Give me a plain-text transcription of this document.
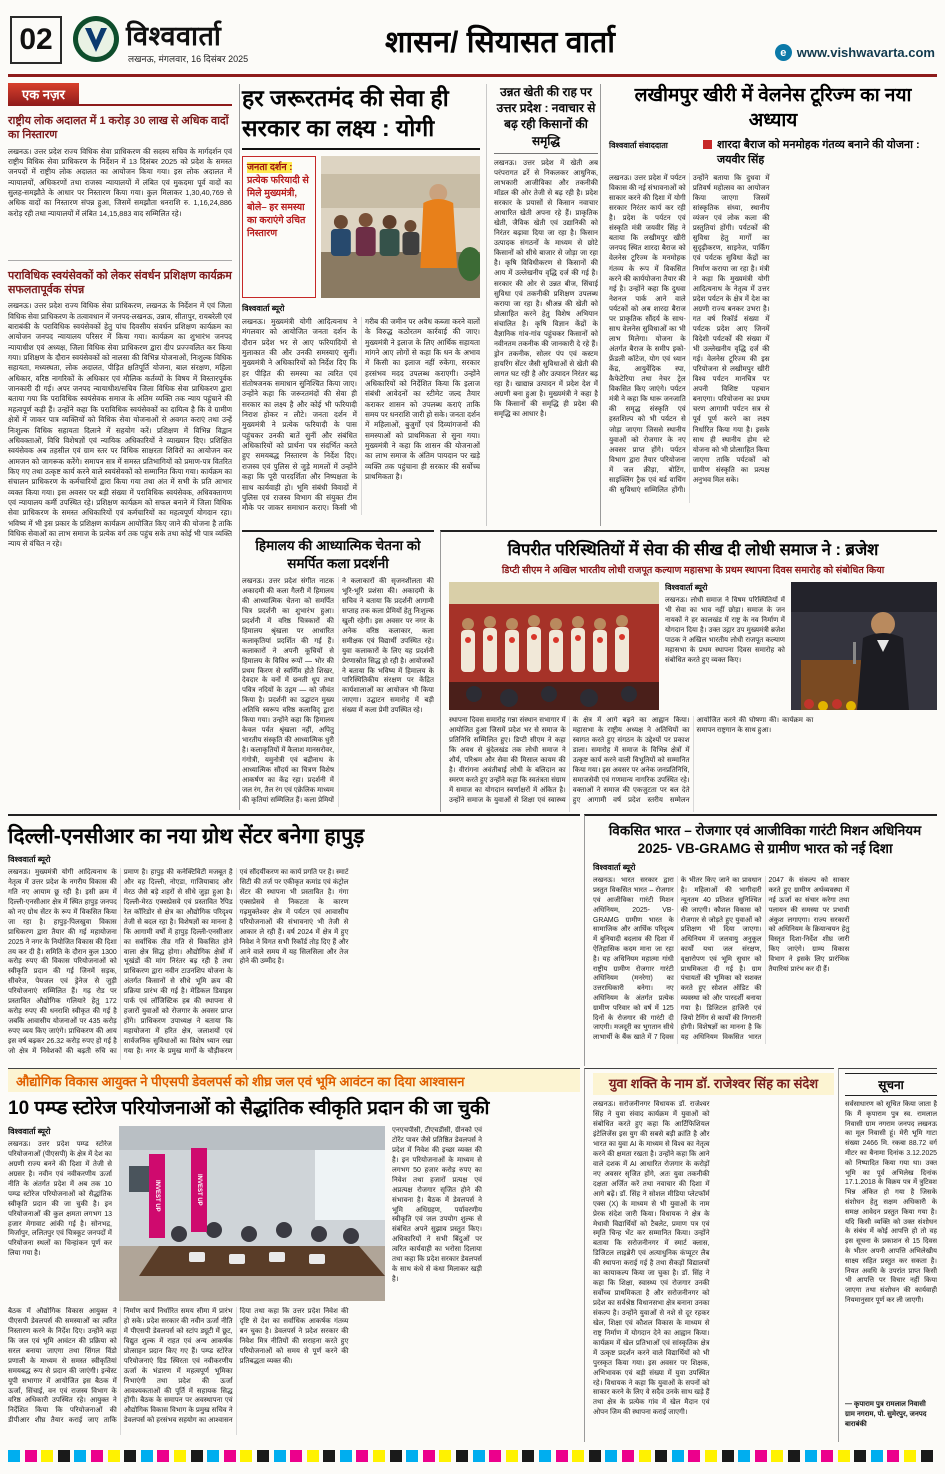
02	विश्ववार्ता
लखनऊ, मंगलवार, 16 दिसंबर 2025	शासन/ सियासत वार्ता	e www.vishwavarta.com
एक नज़र
राष्ट्रीय लोक अदालत में 1 करोड़ 30 लाख से अधिक वादों का निस्तारण
लखनऊ। उत्तर प्रदेश राज्य विधिक सेवा प्राधिकरण की सदस्य सचिव के मार्गदर्शन एवं राष्ट्रीय विधिक सेवा प्राधिकरण के निर्देशन में 13 दिसंबर 2025 को प्रदेश के समस्त जनपदों में राष्ट्रीय लोक अदालत का आयोजन किया गया। इस लोक अदालत में न्यायालयों, अधिकरणों तथा राजस्व न्यायालयों में लंबित एवं मुकदमा पूर्व वादों का सुलह-समझौते के आधार पर निस्तारण किया गया। कुल मिलाकर 1,30,40,769 से अधिक वादों का निस्तारण संपन्न हुआ, जिसमें समझौता धनराशि रु. 1,16,24,886 करोड़ रही तथा न्यायालयों में लंबित 14,15,883 वाद सम्मिलित रहे।
पराविधिक स्वयंसेवकों को लेकर संवर्धन प्रशिक्षण कार्यक्रम सफलतापूर्वक संपन्न
लखनऊ। उत्तर प्रदेश राज्य विधिक सेवा प्राधिकरण, लखनऊ के निर्देशन में एवं जिला विधिक सेवा प्राधिकरण के तत्वावधान में जनपद-लखनऊ, उन्नाव, सीतापुर, रायबरेली एवं बाराबंकी के पराविधिक स्वयंसेवकों हेतु पांच दिवसीय संवर्धन प्रशिक्षण कार्यक्रम का आयोजन जनपद न्यायालय परिसर में किया गया। कार्यक्रम का शुभारंभ जनपद न्यायाधीश एवं अध्यक्ष, जिला विधिक सेवा प्राधिकरण द्वारा दीप प्रज्ज्वलित कर किया गया। प्रशिक्षण के दौरान स्वयंसेवकों को नालसा की विभिन्न योजनाओं, निःशुल्क विधिक सहायता, मध्यस्थता, लोक अदालत, पीड़ित क्षतिपूर्ति योजना, बाल संरक्षण, महिला अधिकार, वरिष्ठ नागरिकों के अधिकार एवं मौलिक कर्तव्यों के विषय में विस्तारपूर्वक जानकारी दी गई। अपर जनपद न्यायाधीश/सचिव जिला विधिक सेवा प्राधिकरण द्वारा बताया गया कि पराविधिक स्वयंसेवक समाज के अंतिम व्यक्ति तक न्याय पहुंचाने की महत्वपूर्ण कड़ी हैं। उन्होंने कहा कि पराविधिक स्वयंसेवकों का दायित्व है कि वे ग्रामीण क्षेत्रों में जाकर पात्र व्यक्तियों को विधिक सेवा योजनाओं से अवगत कराएं तथा उन्हें निःशुल्क विधिक सहायता दिलाने में सहयोग करें। प्रशिक्षण में विभिन्न विद्वान अधिवक्ताओं, विधि विशेषज्ञों एवं न्यायिक अधिकारियों ने व्याख्यान दिए। प्रशिक्षित स्वयंसेवक अब तहसील एवं ग्राम स्तर पर विधिक साक्षरता शिविरों का आयोजन कर आमजन को जागरूक करेंगे। समापन सत्र में समस्त प्रतिभागियों को प्रमाण-पत्र वितरित किए गए तथा उत्कृष्ट कार्य करने वाले स्वयंसेवकों को सम्मानित किया गया। कार्यक्रम का संचालन प्राधिकरण के कर्मचारियों द्वारा किया गया तथा अंत में सभी के प्रति आभार व्यक्त किया गया। इस अवसर पर बड़ी संख्या में पराविधिक स्वयंसेवक, अधिवक्तागण एवं न्यायालय कर्मी उपस्थित रहे। प्रशिक्षण कार्यक्रम को सफल बनाने में जिला विधिक सेवा प्राधिकरण के समस्त अधिकारियों एवं कर्मचारियों का महत्वपूर्ण योगदान रहा। भविष्य में भी इस प्रकार के प्रशिक्षण कार्यक्रम आयोजित किए जाने की योजना है ताकि विधिक सेवाओं का लाभ समाज के प्रत्येक वर्ग तक पहुंच सके तथा कोई भी पात्र व्यक्ति न्याय से वंचित न रहे।
हर जरूरतमंद की सेवा ही सरकार का लक्ष्य : योगी
जनता दर्शन : प्रत्येक फरियादी से मिले मुख्यमंत्री, बोले– हर समस्या का कराएंगे उचित निस्तारण
विश्ववार्ता ब्यूरो
लखनऊ। मुख्यमंत्री योगी आदित्यनाथ ने मंगलवार को आयोजित जनता दर्शन के दौरान प्रदेश भर से आए फरियादियों से मुलाकात की और उनकी समस्याएं सुनीं। मुख्यमंत्री ने अधिकारियों को निर्देश दिए कि हर पीड़ित की समस्या का त्वरित एवं संतोषजनक समाधान सुनिश्चित किया जाए। उन्होंने कहा कि जरूरतमंदों की सेवा ही सरकार का लक्ष्य है और कोई भी फरियादी निराश होकर न लौटे। जनता दर्शन में मुख्यमंत्री ने प्रत्येक फरियादी के पास पहुंचकर उनकी बातें सुनीं और संबंधित अधिकारियों को प्रार्थना पत्र संदर्भित करते हुए समयबद्ध निस्तारण के निर्देश दिए। राजस्व एवं पुलिस से जुड़े मामलों में उन्होंने कहा कि पूरी पारदर्शिता और निष्पक्षता के साथ कार्यवाही हो। भूमि संबंधी विवादों में पुलिस एवं राजस्व विभाग की संयुक्त टीम मौके पर जाकर समाधान कराए। किसी भी गरीब की जमीन पर अवैध कब्जा करने वालों के विरुद्ध कठोरतम कार्रवाई की जाए। मुख्यमंत्री ने इलाज के लिए आर्थिक सहायता मांगने आए लोगों से कहा कि धन के अभाव में किसी का इलाज नहीं रुकेगा, सरकार हरसंभव मदद उपलब्ध कराएगी। उन्होंने अधिकारियों को निर्देशित किया कि इलाज संबंधी आवेदनों का स्टीमेट जल्द तैयार कराकर शासन को उपलब्ध कराएं ताकि समय पर धनराशि जारी हो सके। जनता दर्शन में महिलाओं, बुजुर्गों एवं दिव्यांगजनों की समस्याओं को प्राथमिकता से सुना गया। मुख्यमंत्री ने कहा कि शासन की योजनाओं का लाभ समाज के अंतिम पायदान पर खड़े व्यक्ति तक पहुंचाना ही सरकार की सर्वोच्च प्राथमिकता है।
उन्नत खेती की राह पर उत्तर प्रदेश : नवाचार से बढ़ रही किसानों की समृद्धि
लखनऊ। उत्तर प्रदेश में खेती अब परंपरागत ढर्रे से निकलकर आधुनिक, लाभकारी आजीविका और तकनीकी मॉडल की ओर तेजी से बढ़ रही है। प्रदेश सरकार के प्रयासों से किसान नवाचार आधारित खेती अपना रहे हैं। प्राकृतिक खेती, जैविक खेती एवं उद्यानिकी को निरंतर बढ़ावा दिया जा रहा है। किसान उत्पादक संगठनों के माध्यम से छोटे किसानों को सीधे बाजार से जोड़ा जा रहा है। कृषि विविधीकरण से किसानों की आय में उल्लेखनीय वृद्धि दर्ज की गई है। सरकार की ओर से उन्नत बीज, सिंचाई सुविधा एवं तकनीकी प्रशिक्षण उपलब्ध कराया जा रहा है। श्रीअन्न की खेती को प्रोत्साहित करने हेतु विशेष अभियान संचालित है। कृषि विज्ञान केंद्रों के वैज्ञानिक गांव-गांव पहुंचकर किसानों को नवीनतम तकनीक की जानकारी दे रहे हैं। ड्रोन तकनीक, सोलर पंप एवं कस्टम हायरिंग सेंटर जैसी सुविधाओं से खेती की लागत घट रही है और उत्पादन निरंतर बढ़ रहा है। खाद्यान्न उत्पादन में प्रदेश देश में अग्रणी बना हुआ है। मुख्यमंत्री ने कहा है कि किसानों की समृद्धि ही प्रदेश की समृद्धि का आधार है।
लखीमपुर खीरी में वेलनेस टूरिज्म का नया अध्याय
विश्ववार्ता संवाददाता	शारदा बैराज को मनमोहक गंतव्य बनाने की योजना : जयवीर सिंह
लखनऊ। उत्तर प्रदेश में पर्यटन विकास की नई संभावनाओं को साकार करने की दिशा में योगी सरकार निरंतर कार्य कर रही है। प्रदेश के पर्यटन एवं संस्कृति मंत्री जयवीर सिंह ने बताया कि लखीमपुर खीरी जनपद स्थित शारदा बैराज को वेलनेस टूरिज्म के मनमोहक गंतव्य के रूप में विकसित करने की कार्ययोजना तैयार की गई है। उन्होंने कहा कि दुधवा नेशनल पार्क आने वाले पर्यटकों को अब शारदा बैराज पर प्राकृतिक सौंदर्य के साथ-साथ वेलनेस सुविधाओं का भी लाभ मिलेगा। योजना के अंतर्गत बैराज के समीप इको-फ्रेंडली कॉटेज, योग एवं ध्यान केंद्र, आयुर्वेदिक स्पा, कैफेटेरिया तथा नेचर ट्रेल विकसित किए जाएंगे। पर्यटन मंत्री ने कहा कि थारू जनजाति की समृद्ध संस्कृति एवं हस्तशिल्प को भी पर्यटन से जोड़ा जाएगा जिससे स्थानीय युवाओं को रोजगार के नए अवसर प्राप्त होंगे। पर्यटन विभाग द्वारा तैयार परियोजना में जल क्रीड़ा, बोटिंग, साइक्लिंग ट्रैक एवं बर्ड वाचिंग की सुविधाएं सम्मिलित होंगी। उन्होंने बताया कि दुधवा में प्रतिवर्ष महोत्सव का आयोजन किया जाएगा जिसमें सांस्कृतिक संध्या, स्थानीय व्यंजन एवं लोक कला की प्रस्तुतियां होंगी। पर्यटकों की सुविधा हेतु मार्गों का सुदृढ़ीकरण, साइनेज, पार्किंग एवं पर्यटक सुविधा केंद्रों का निर्माण कराया जा रहा है। मंत्री ने कहा कि मुख्यमंत्री योगी आदित्यनाथ के नेतृत्व में उत्तर प्रदेश पर्यटन के क्षेत्र में देश का अग्रणी राज्य बनकर उभरा है। गत वर्ष रिकॉर्ड संख्या में पर्यटक प्रदेश आए जिनमें विदेशी पर्यटकों की संख्या में भी उल्लेखनीय वृद्धि दर्ज की गई। वेलनेस टूरिज्म की इस परियोजना से लखीमपुर खीरी विश्व पर्यटन मानचित्र पर अपनी विशिष्ट पहचान बनाएगा। परियोजना का प्रथम चरण आगामी पर्यटन सत्र से पूर्व पूर्ण करने का लक्ष्य निर्धारित किया गया है। इसके साथ ही स्थानीय होम स्टे योजना को भी प्रोत्साहित किया जाएगा ताकि पर्यटकों को ग्रामीण संस्कृति का प्रत्यक्ष अनुभव मिल सके।
हिमालय की आध्यात्मिक चेतना को समर्पित कला प्रदर्शनी
लखनऊ। उत्तर प्रदेश संगीत नाटक अकादमी की कला गैलरी में हिमालय की आध्यात्मिक चेतना को समर्पित चित्र प्रदर्शनी का शुभारंभ हुआ। प्रदर्शनी में वरिष्ठ चित्रकारों की हिमालय श्रृंखला पर आधारित कलाकृतियां प्रदर्शित की गई हैं। कलाकारों ने अपनी कूचियों से हिमालय के विविध रूपों — भोर की प्रथम किरण से स्वर्णिम होते शिखर, देवदार के वनों में छनती धूप तथा पवित्र नदियों के उद्गम — को जीवंत किया है। प्रदर्शनी का उद्घाटन मुख्य अतिथि स्वरूप वरिष्ठ कलाविद् द्वारा किया गया। उन्होंने कहा कि हिमालय केवल पर्वत श्रृंखला नहीं, अपितु भारतीय संस्कृति की आध्यात्मिक धुरी है। कलाकृतियों में कैलाश मानसरोवर, गंगोत्री, यमुनोत्री एवं बद्रीनाथ के आध्यात्मिक सौंदर्य का चित्रण विशेष आकर्षण का केंद्र रहा। प्रदर्शनी में जल रंग, तैल रंग एवं एक्रेलिक माध्यम की कृतियां सम्मिलित हैं। कला प्रेमियों ने कलाकारों की सृजनशीलता की भूरि-भूरि प्रशंसा की। अकादमी के सचिव ने बताया कि प्रदर्शनी आगामी सप्ताह तक कला प्रेमियों हेतु निःशुल्क खुली रहेगी। इस अवसर पर नगर के अनेक वरिष्ठ कलाकार, कला समीक्षक एवं विद्यार्थी उपस्थित रहे। युवा कलाकारों के लिए यह प्रदर्शनी प्रेरणास्रोत सिद्ध हो रही है। आयोजकों ने बताया कि भविष्य में हिमालय के पारिस्थितिकीय संरक्षण पर केंद्रित कार्यशालाओं का आयोजन भी किया जाएगा। उद्घाटन समारोह में बड़ी संख्या में कला प्रेमी उपस्थित रहे।
विपरीत परिस्थितियों में सेवा की सीख दी लोधी समाज ने : ब्रजेश
डिप्टी सीएम ने अखिल भारतीय लोधी राजपूत कल्याण महासभा के प्रथम स्थापना दिवस समारोह को संबोधित किया
विश्ववार्ता ब्यूरो
लखनऊ। लोधी समाज ने विषम परिस्थितियों में भी सेवा का भाव नहीं छोड़ा। समाज के जन नायकों ने हर कालखंड में राष्ट्र के नव निर्माण में योगदान दिया है। उक्त उद्गार उप मुख्यमंत्री ब्रजेश पाठक ने अखिल भारतीय लोधी राजपूत कल्याण महासभा के प्रथम स्थापना दिवस समारोह को संबोधित करते हुए व्यक्त किए।
स्थापना दिवस समारोह गन्ना संस्थान सभागार में आयोजित हुआ जिसमें प्रदेश भर से समाज के प्रतिनिधि सम्मिलित हुए। डिप्टी सीएम ने कहा कि अवध से बुंदेलखंड तक लोधी समाज ने शौर्य, परिश्रम और सेवा की मिसाल कायम की है। वीरांगना अवंतीबाई लोधी के बलिदान का स्मरण करते हुए उन्होंने कहा कि स्वतंत्रता संग्राम में समाज का योगदान स्वर्णाक्षरों में अंकित है। उन्होंने समाज के युवाओं से शिक्षा एवं स्वास्थ्य के क्षेत्र में आगे बढ़ने का आह्वान किया। महासभा के राष्ट्रीय अध्यक्ष ने अतिथियों का स्वागत करते हुए संगठन के उद्देश्यों पर प्रकाश डाला। समारोह में समाज के विभिन्न क्षेत्रों में उत्कृष्ट कार्य करने वाली विभूतियों को सम्मानित किया गया। इस अवसर पर अनेक जनप्रतिनिधि, समाजसेवी एवं गणमान्य नागरिक उपस्थित रहे। वक्ताओं ने समाज की एकजुटता पर बल देते हुए आगामी वर्ष प्रदेश स्तरीय सम्मेलन आयोजित करने की घोषणा की। कार्यक्रम का समापन राष्ट्रगान के साथ हुआ।
दिल्ली-एनसीआर का नया ग्रोथ सेंटर बनेगा हापुड़
विश्ववार्ता ब्यूरो
लखनऊ। मुख्यमंत्री योगी आदित्यनाथ के नेतृत्व में उत्तर प्रदेश के नगरीय विकास की गति नए आयाम छू रही है। इसी क्रम में दिल्ली-एनसीआर क्षेत्र में स्थित हापुड़ जनपद को नए ग्रोथ सेंटर के रूप में विकसित किया जा रहा है। हापुड़-पिलखुवा विकास प्राधिकरण द्वारा तैयार की गई महायोजना 2025 ने नगर के नियोजित विकास की दिशा तय कर दी है। समिति के दौरान कुल 1300 करोड़ रुपए की विकास परियोजनाओं को स्वीकृति प्रदान की गई जिनमें सड़क, सीवरेज, पेयजल एवं ड्रेनेज से जुड़ी परियोजनाएं सम्मिलित हैं। गढ़ रोड पर प्रस्तावित औद्योगिक गलियारे हेतु 172 करोड़ रुपए की धनराशि स्वीकृत की गई है जबकि आवासीय योजनाओं पर 435 करोड़ रुपए व्यय किए जाएंगे। प्राधिकरण की आय इस वर्ष बढ़कर 26.32 करोड़ रुपए हो गई है जो क्षेत्र में निवेशकों की बढ़ती रुचि का प्रमाण है। हापुड़ की कनेक्टिविटी मजबूत है और वह दिल्ली, नोएडा, गाजियाबाद और मेरठ जैसे बड़े शहरों से सीधे जुड़ा हुआ है। दिल्ली-मेरठ एक्सप्रेसवे एवं प्रस्तावित रैपिड रेल कॉरिडोर से क्षेत्र का औद्योगिक परिदृश्य तेजी से बदल रहा है। विशेषज्ञों का मानना है कि आगामी वर्षों में हापुड़ दिल्ली-एनसीआर का सर्वाधिक तीव्र गति से विकसित होने वाला क्षेत्र सिद्ध होगा। औद्योगिक क्षेत्रों में भूखंडों की मांग निरंतर बढ़ रही है तथा प्राधिकरण द्वारा नवीन टाउनशिप योजना के अंतर्गत किसानों से सीधे भूमि क्रय की प्रक्रिया प्रारंभ की गई है। मेडिकल डिवाइस पार्क एवं लॉजिस्टिक हब की स्थापना से हजारों युवाओं को रोजगार के अवसर प्राप्त होंगे। प्राधिकरण उपाध्यक्ष ने बताया कि महायोजना में हरित क्षेत्र, जलाशयों एवं सार्वजनिक सुविधाओं का विशेष ध्यान रखा गया है। नगर के प्रमुख मार्गों के चौड़ीकरण एवं सौंदर्यीकरण का कार्य प्रगति पर है। स्मार्ट सिटी की तर्ज पर एकीकृत कमांड एवं कंट्रोल सेंटर की स्थापना भी प्रस्तावित है। गंगा एक्सप्रेसवे से निकटता के कारण गढ़मुक्तेश्वर क्षेत्र में पर्यटन एवं आवासीय परियोजनाओं की संभावनाएं भी तेजी से आकार ले रही हैं। वर्ष 2024 में क्षेत्र में हुए निवेश ने विगत सभी रिकॉर्ड तोड़ दिए हैं और आने वाले समय में यह सिलसिला और तेज होने की उम्मीद है।
विकसित भारत – रोजगार एवं आजीविका गारंटी मिशन अधिनियम 2025- VB-GRAMG से ग्रामीण भारत को नई दिशा
विश्ववार्ता ब्यूरो
लखनऊ। भारत सरकार द्वारा प्रस्तुत विकसित भारत – रोजगार एवं आजीविका गारंटी मिशन अधिनियम, 2025- VB-GRAMG ग्रामीण भारत के सामाजिक और आर्थिक परिदृश्य में बुनियादी बदलाव की दिशा में ऐतिहासिक कदम माना जा रहा है। यह अधिनियम महात्मा गांधी राष्ट्रीय ग्रामीण रोजगार गारंटी अधिनियम (मनरेगा) का उत्तराधिकारी बनेगा। नए अधिनियम के अंतर्गत प्रत्येक ग्रामीण परिवार को वर्ष में 125 दिनों के रोजगार की गारंटी दी जाएगी। मजदूरी का भुगतान सीधे लाभार्थी के बैंक खाते में 7 दिवस के भीतर किए जाने का प्रावधान है। महिलाओं की भागीदारी न्यूनतम 40 प्रतिशत सुनिश्चित की जाएगी। कौशल विकास को रोजगार से जोड़ते हुए युवाओं को प्रशिक्षण भी दिया जाएगा। अधिनियम में जलवायु अनुकूल कार्यों यथा जल संरक्षण, वृक्षारोपण एवं भूमि सुधार को प्राथमिकता दी गई है। ग्राम पंचायतों की भूमिका को सशक्त करते हुए सोशल ऑडिट की व्यवस्था को और पारदर्शी बनाया गया है। डिजिटल हाजिरी एवं जियो टैगिंग से कार्यों की निगरानी होगी। विशेषज्ञों का मानना है कि यह अधिनियम विकसित भारत 2047 के संकल्प को साकार करते हुए ग्रामीण अर्थव्यवस्था में नई ऊर्जा का संचार करेगा तथा पलायन की समस्या पर प्रभावी अंकुश लगाएगा। राज्य सरकारों को अधिनियम के क्रियान्वयन हेतु विस्तृत दिशा-निर्देश शीघ्र जारी किए जाएंगे। ग्राम्य विकास विभाग ने इसके लिए प्रारंभिक तैयारियां प्रारंभ कर दी हैं।
औद्योगिक विकास आयुक्त ने पीएसपी डेवलपर्स को शीघ्र जल एवं भूमि आवंटन का दिया आश्वासन
10 पम्प्ड स्टोरेज परियोजनाओं को सैद्धांतिक स्वीकृति प्रदान की जा चुकी
विश्ववार्ता ब्यूरो
लखनऊ। उत्तर प्रदेश पम्प्ड स्टोरेज परियोजनाओं (पीएसपी) के क्षेत्र में देश का अग्रणी राज्य बनने की दिशा में तेजी से अग्रसर है। नवीन एवं नवीकरणीय ऊर्जा नीति के अंतर्गत प्रदेश में अब तक 10 पम्प्ड स्टोरेज परियोजनाओं को सैद्धांतिक स्वीकृति प्रदान की जा चुकी है। इन परियोजनाओं की कुल क्षमता लगभग 13 हजार मेगावाट आंकी गई है। सोनभद्र, मिर्जापुर, ललितपुर एवं चित्रकूट जनपदों में परियोजना स्थलों का चिन्हांकन पूर्ण कर लिया गया है।
INVEST UP	INVEST UP
एनएचपीसी, टीएचडीसी, ग्रीनको एवं टोरेंट पावर जैसे प्रतिष्ठित डेवलपर्स ने प्रदेश में निवेश की इच्छा व्यक्त की है। इन परियोजनाओं के माध्यम से लगभग 50 हजार करोड़ रुपए का निवेश तथा हजारों प्रत्यक्ष एवं अप्रत्यक्ष रोजगार सृजित होने की संभावना है। बैठक में डेवलपर्स ने भूमि अधिग्रहण, पर्यावरणीय स्वीकृति एवं जल उपयोग शुल्क से संबंधित अपने सुझाव प्रस्तुत किए। अधिकारियों ने सभी बिंदुओं पर त्वरित कार्यवाही का भरोसा दिलाया तथा कहा कि प्रदेश सरकार डेवलपर्स के साथ कंधे से कंधा मिलाकर खड़ी है।
बैठक में औद्योगिक विकास आयुक्त ने पीएसपी डेवलपर्स की समस्याओं का त्वरित निस्तारण करने के निर्देश दिए। उन्होंने कहा कि जल एवं भूमि आवंटन की प्रक्रिया को सरल बनाया जाएगा तथा सिंगल विंडो प्रणाली के माध्यम से समस्त स्वीकृतियां समयबद्ध रूप से प्रदान की जाएंगी। इन्वेस्ट यूपी सभागार में आयोजित इस बैठक में ऊर्जा, सिंचाई, वन एवं राजस्व विभाग के वरिष्ठ अधिकारी उपस्थित रहे। आयुक्त ने निर्देशित किया कि परियोजनाओं की डीपीआर शीघ्र तैयार कराई जाए ताकि निर्माण कार्य निर्धारित समय सीमा में प्रारंभ हो सके। प्रदेश सरकार की नवीन ऊर्जा नीति में पीएसपी डेवलपर्स को स्टांप ड्यूटी में छूट, विद्युत शुल्क में राहत एवं अन्य आकर्षक प्रोत्साहन प्रदान किए गए हैं। पम्प्ड स्टोरेज परियोजनाएं ग्रिड स्थिरता एवं नवीकरणीय ऊर्जा के भंडारण में महत्वपूर्ण भूमिका निभाएंगी तथा प्रदेश की ऊर्जा आवश्यकताओं की पूर्ति में सहायक सिद्ध होंगी। बैठक के समापन पर अवस्थापना एवं औद्योगिक विकास विभाग के प्रमुख सचिव ने डेवलपर्स को हरसंभव सहयोग का आश्वासन दिया तथा कहा कि उत्तर प्रदेश निवेश की दृष्टि से देश का सर्वाधिक आकर्षक गंतव्य बन चुका है। डेवलपर्स ने प्रदेश सरकार की निवेश मित्र नीतियों की सराहना करते हुए परियोजनाओं को समय से पूर्ण करने की प्रतिबद्धता व्यक्त की।
युवा शक्ति के नाम डॉ. राजेश्वर सिंह का संदेश
लखनऊ। सरोजनीनगर विधायक डॉ. राजेश्वर सिंह ने युवा संवाद कार्यक्रम में युवाओं को संबोधित करते हुए कहा कि आर्टिफिशियल इंटेलिजेंस इस युग की सबसे बड़ी क्रांति है और भारत का युवा AI के माध्यम से विश्व का नेतृत्व करने की क्षमता रखता है। उन्होंने कहा कि आने वाले दशक में AI आधारित रोजगार के करोड़ों नए अवसर सृजित होंगे, अतः युवा तकनीकी दक्षता अर्जित करें तथा नवाचार की दिशा में आगे बढ़ें। डॉ. सिंह ने सोशल मीडिया प्लेटफॉर्म एक्स (X) के माध्यम से भी युवाओं के नाम प्रेरक संदेश जारी किया। विधायक ने क्षेत्र के मेधावी विद्यार्थियों को टैबलेट, प्रमाण पत्र एवं स्मृति चिन्ह भेंट कर सम्मानित किया। उन्होंने बताया कि सरोजनीनगर में स्मार्ट क्लास, डिजिटल लाइब्रेरी एवं अत्याधुनिक कंप्यूटर लैब की स्थापना कराई गई है तथा सैकड़ों विद्यालयों का कायाकल्प किया जा चुका है। डॉ. सिंह ने कहा कि शिक्षा, स्वास्थ्य एवं रोजगार उनकी सर्वोच्च प्राथमिकता है और सरोजनीनगर को प्रदेश का सर्वश्रेष्ठ विधानसभा क्षेत्र बनाना उनका संकल्प है। उन्होंने युवाओं से नशे से दूर रहकर खेल, शिक्षा एवं कौशल विकास के माध्यम से राष्ट्र निर्माण में योगदान देने का आह्वान किया। कार्यक्रम में खेल प्रतिभाओं एवं सांस्कृतिक क्षेत्र में उत्कृष्ट प्रदर्शन करने वाले विद्यार्थियों को भी पुरस्कृत किया गया। इस अवसर पर शिक्षक, अभिभावक एवं बड़ी संख्या में युवा उपस्थित रहे। विधायक ने कहा कि युवाओं के सपनों को साकार करने के लिए वे सदैव उनके साथ खड़े हैं तथा क्षेत्र के प्रत्येक गांव में खेल मैदान एवं ओपन जिम की स्थापना कराई जाएगी।
सूचना
सर्वसाधारण को सूचित किया जाता है कि मैं कृपाराम पुत्र स्व. रामलाल निवासी ग्राम नगराम जनपद लखनऊ का मूल निवासी हूं। मेरी भूमि गाटा संख्या 2466 मि. रकबा 88.72 वर्ग मीटर का बैनामा दिनांक 3.12.2025 को निष्पादित किया गया था। उक्त भूमि का पूर्व अभिलेख दिनांक 17.1.2018 के विक्रय पत्र में त्रुटिवश भिन्न अंकित हो गया है जिसके संशोधन हेतु सक्षम अधिकारी के समक्ष आवेदन प्रस्तुत किया गया है। यदि किसी व्यक्ति को उक्त संशोधन के संबंध में कोई आपत्ति हो तो वह इस सूचना के प्रकाशन से 15 दिवस के भीतर अपनी आपत्ति अभिलेखीय साक्ष्य सहित प्रस्तुत कर सकता है। नियत अवधि के उपरांत प्राप्त किसी भी आपत्ति पर विचार नहीं किया जाएगा तथा संशोधन की कार्यवाही नियमानुसार पूर्ण कर ली जाएगी।
— कृपाराम पुत्र रामलाल निवासी ग्राम नगराम, पो. सुमेरपुर, जनपद बाराबंकी
